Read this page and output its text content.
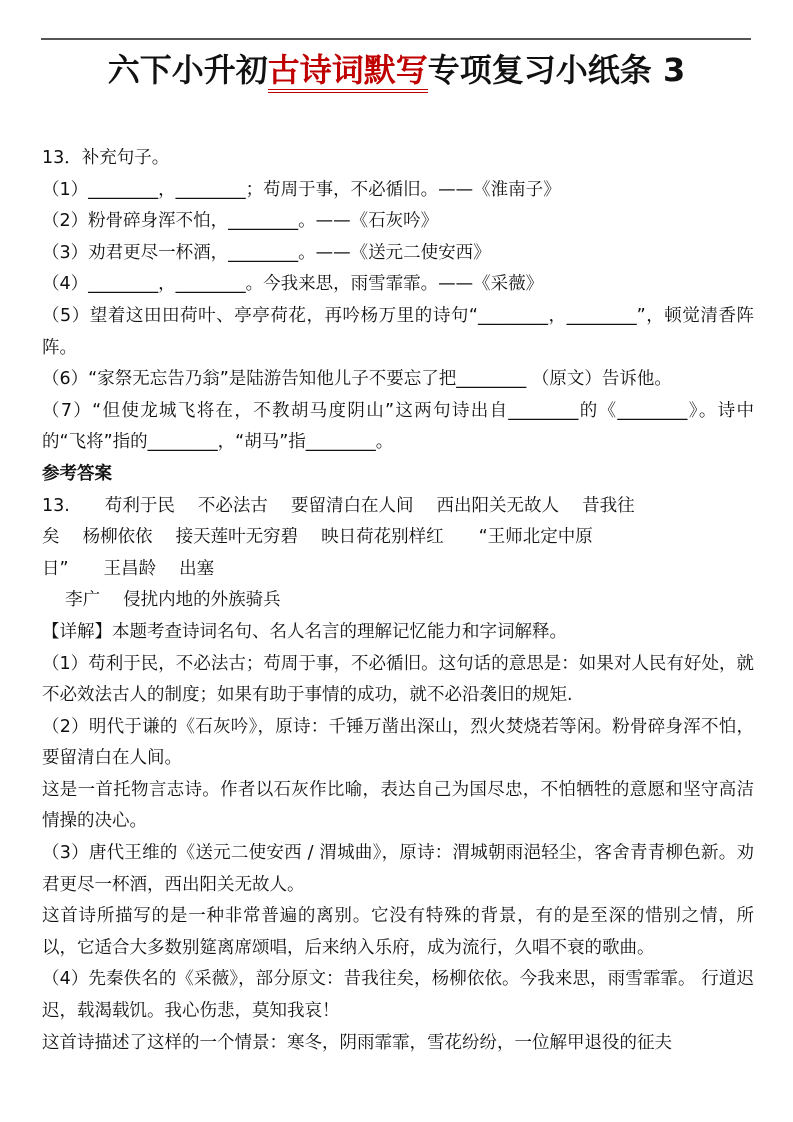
六下小升初古诗词默写专项复习小纸条 3
13．补充句子。
（1）________，________；苟周于事，不必循旧。——《淮南子》
（2）粉骨碎身浑不怕，________。——《石灰吟》
（3）劝君更尽一杯酒，________。——《送元二使安西》
（4）________，________。今我来思，雨雪霏霏。——《采薇》
（5）望着这田田荷叶、亭亭荷花，再吟杨万里的诗句“________，________”，顿觉清香阵阵。
（6）“家祭无忘告乃翁”是陆游告知他儿子不要忘了把________ （原文）告诉他。
（7）“但使龙城飞将在，不教胡马度阴山”这两句诗出自________的《________》。诗中的“飞将”指的________，“胡马”指________。
参考答案
13.　　苟利于民　 不必法古　 要留清白在人间　 西出阳关无故人　 昔我往
矣　 杨柳依依　 接天莲叶无穷碧　 映日荷花别样红　　“王师北定中原
日”　　王昌龄　 出塞
　 李广　 侵扰内地的外族骑兵
【详解】本题考查诗词名句、名人名言的理解记忆能力和字词解释。
（1）苟利于民，不必法古；苟周于事，不必循旧。这句话的意思是：如果对人民有好处，就不必效法古人的制度；如果有助于事情的成功，就不必沿袭旧的规矩.
（2）明代于谦的《石灰吟》，原诗：千锤万凿出深山，烈火焚烧若等闲。粉骨碎身浑不怕，要留清白在人间。
这是一首托物言志诗。作者以石灰作比喻，表达自己为国尽忠，不怕牺牲的意愿和坚守高洁情操的决心。
（3）唐代王维的《送元二使安西 / 渭城曲》，原诗：渭城朝雨浥轻尘，客舍青青柳色新。劝君更尽一杯酒，西出阳关无故人。
这首诗所描写的是一种非常普遍的离别。它没有特殊的背景，有的是至深的惜别之情，所以，它适合大多数别筵离席颂唱，后来纳入乐府，成为流行，久唱不衰的歌曲。
（4）先秦佚名的《采薇》，部分原文：昔我往矣，杨柳依依。今我来思，雨雪霏霏。 行道迟迟，载渴载饥。我心伤悲，莫知我哀！
这首诗描述了这样的一个情景：寒冬，阴雨霏霏，雪花纷纷，一位解甲退役的征夫
